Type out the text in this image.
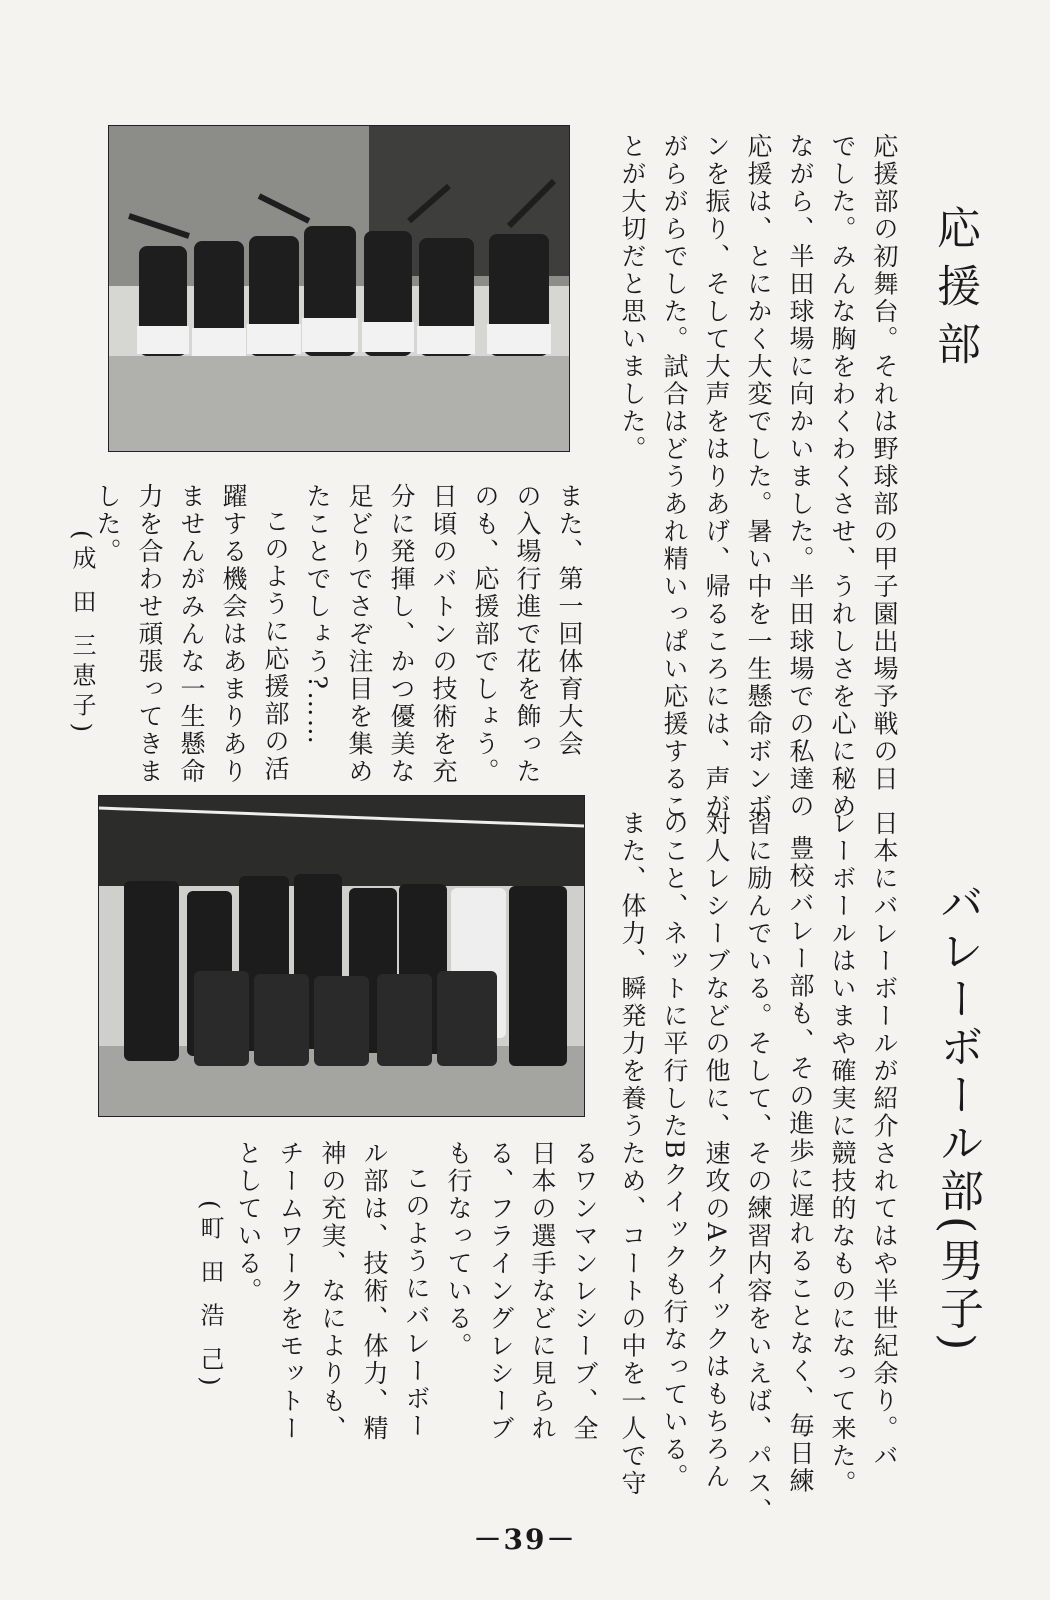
応援部
応援部の初舞台。それは野球部の甲子園出場予戦の日
でした。みんな胸をわくわくさせ、うれしさを心に秘め
ながら、半田球場に向かいました。半田球場での私達の
応援は、とにかく大変でした。暑い中を一生懸命ボンボ
ンを振り、そして大声をはりあげ、帰るころには、声が
がらがらでした。試合はどうあれ精いっぱい応援するこ
とが大切だと思いました。
また、第一回体育大会
の入場行進で花を飾った
のも、応援部でしょう。
日頃のバトンの技術を充
分に発揮し、かつ優美な
足どりでさぞ注目を集め
たことでしょう?……
このように応援部の活
躍する機会はあまりあり
ませんがみんな一生懸命
力を合わせ頑張ってきま
した。
(成 田 三恵子)
バレーボール部(男子)
日本にバレーボールが紹介されてはや半世紀余り。バ
レーボールはいまや確実に競技的なものになって来た。
豊校バレー部も、その進歩に遅れることなく、毎日練
習に励んでいる。そして、その練習内容をいえば、パス、
対人レシーブなどの他に、速攻のAクイックはもちろん
のこと、ネットに平行したBクイックも行なっている。
また、体力、瞬発力を養うため、コートの中を一人で守
るワンマンレシーブ、全
日本の選手などに見られ
る、フライングレシーブ
も行なっている。
このようにバレーボー
ル部は、技術、体力、精
神の充実、なによりも、
チームワークをモットー
としている。
(町 田 浩 己)
－39－
